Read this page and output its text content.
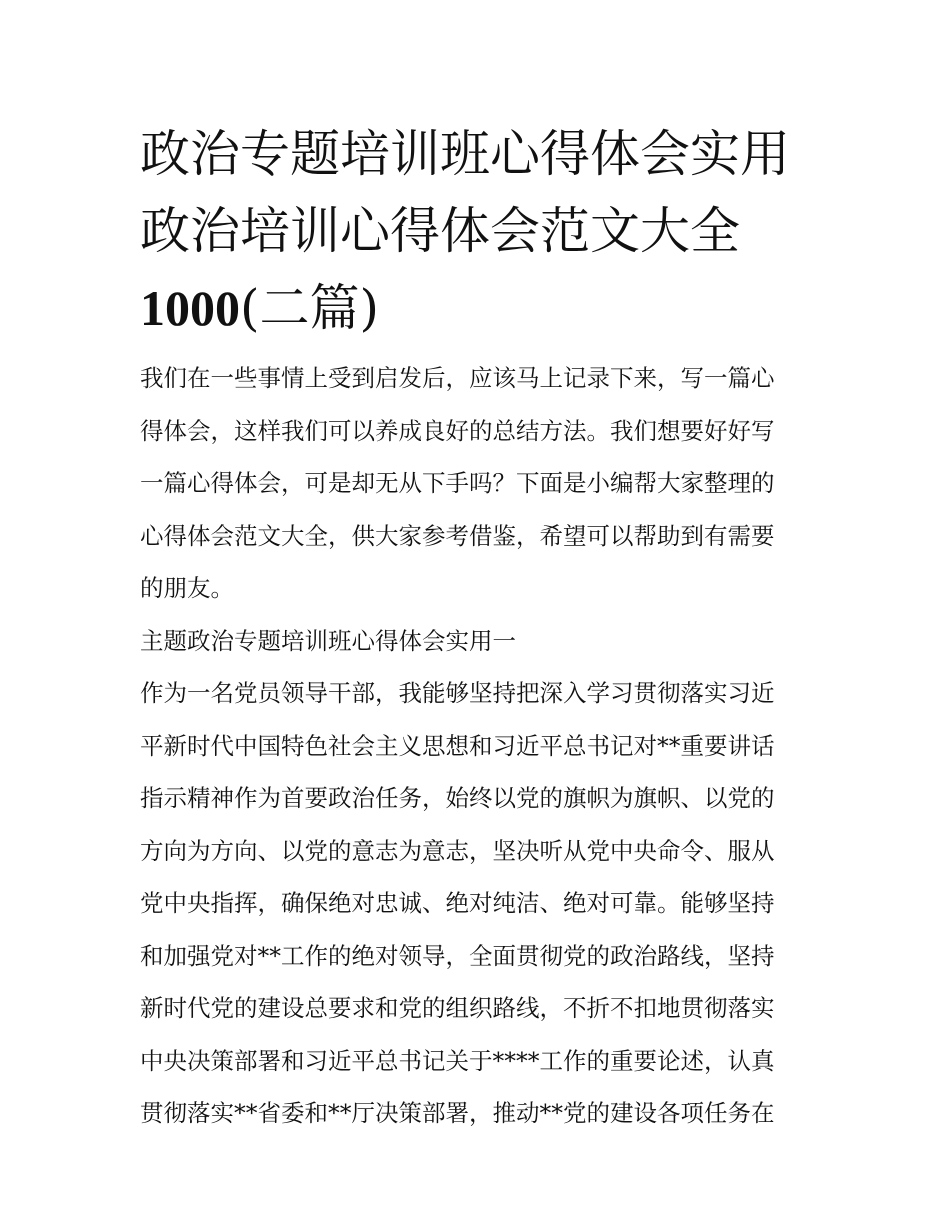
政治专题培训班心得体会实用
政治培训心得体会范文大全
1000(二篇)
我们在一些事情上受到启发后，应该马上记录下来，写一篇心
得体会，这样我们可以养成良好的总结方法。我们想要好好写
一篇心得体会，可是却无从下手吗？下面是小编帮大家整理的
心得体会范文大全，供大家参考借鉴，希望可以帮助到有需要
的朋友。
主题政治专题培训班心得体会实用一
作为一名党员领导干部，我能够坚持把深入学习贯彻落实习近
平新时代中国特色社会主义思想和习近平总书记对**重要讲话
指示精神作为首要政治任务，始终以党的旗帜为旗帜、以党的
方向为方向、以党的意志为意志，坚决听从党中央命令、服从
党中央指挥，确保绝对忠诚、绝对纯洁、绝对可靠。能够坚持
和加强党对**工作的绝对领导，全面贯彻党的政治路线，坚持
新时代党的建设总要求和党的组织路线，不折不扣地贯彻落实
中央决策部署和习近平总书记关于****工作的重要论述，认真
贯彻落实**省委和**厅决策部署，推动**党的建设各项任务在
